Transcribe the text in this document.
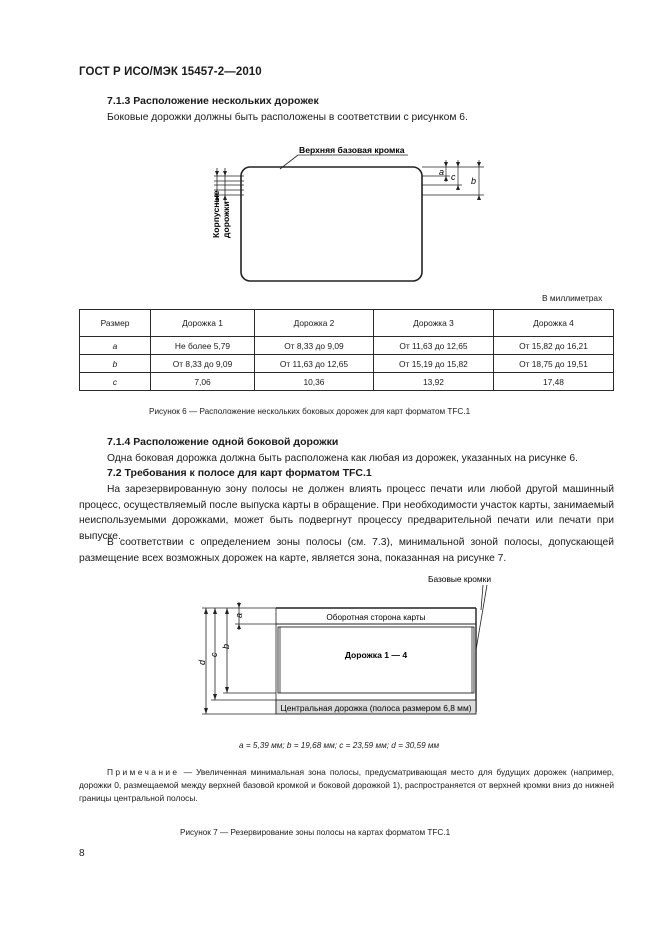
ГОСТ Р ИСО/МЭК 15457-2—2010
7.1.3 Расположение нескольких дорожек
Боковые дорожки должны быть расположены в соответствии с рисунком 6.
Верхняя базовая кромка
Корпусные дорожки
a c b
В миллиметрах
Размер	Дорожка 1	Дорожка 2	Дорожка 3	Дорожка 4
a	Не более 5,79	От 8,33 до 9,09	От 11,63 до 12,65	От 15,82 до 16,21
b	От 8,33 до 9,09	От 11,63 до 12,65	От 15,19 до 15,82	От 18,75 до 19,51
c	7,06	10,36	13,92	17,48
Рисунок 6 — Расположение нескольких боковых дорожек для карт форматом TFC.1
7.1.4 Расположение одной боковой дорожки
Одна боковая дорожка должна быть расположена как любая из дорожек, указанных на рисунке 6.
7.2 Требования к полосе для карт форматом TFC.1
На зарезервированную зону полосы не должен влиять процесс печати или любой другой машинный процесс, осуществляемый после выпуска карты в обращение. При необходимости участок карты, занимаемый неиспользуемыми дорожками, может быть подвергнут процессу предварительной печати или печати при выпуске.
В соответствии с определением зоны полосы (см. 7.3), минимальной зоной полосы, допускающей размещение всех возможных дорожек на карте, является зона, показанная на рисунке 7.
Базовые кромки
Оборотная сторона карты
Дорожка 1 — 4
Центральная дорожка (полоса размером 6,8 мм)
d
c
b
a
a = 5,39 мм; b = 19,68 мм; c = 23,59 мм; d = 30,59 мм
Примечание — Увеличенная минимальная зона полосы, предусматривающая место для будущих дорожек (например, дорожки 0, размещаемой между верхней базовой кромкой и боковой дорожкой 1), распространяется от верхней кромки вниз до нижней границы центральной полосы.
Рисунок 7 — Резервирование зоны полосы на картах форматом TFC.1
8
